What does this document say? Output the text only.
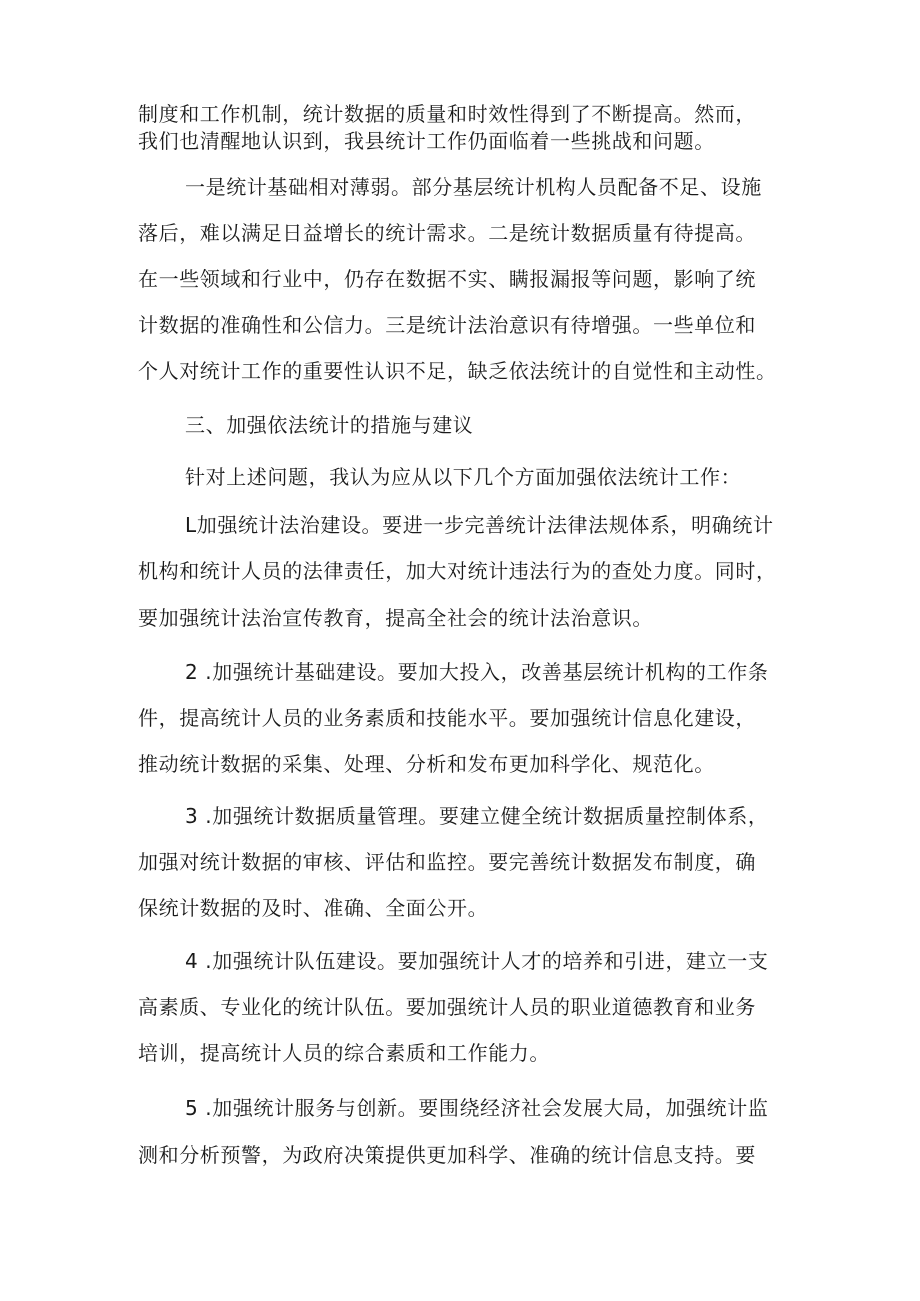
制度和工作机制，统计数据的质量和时效性得到了不断提高。然而，
我们也清醒地认识到，我县统计工作仍面临着一些挑战和问题。
一是统计基础相对薄弱。部分基层统计机构人员配备不足、设施
落后，难以满足日益增长的统计需求。二是统计数据质量有待提高。
在一些领域和行业中，仍存在数据不实、瞒报漏报等问题，影响了统
计数据的准确性和公信力。三是统计法治意识有待增强。一些单位和
个人对统计工作的重要性认识不足，缺乏依法统计的自觉性和主动性。
三、加强依法统计的措施与建议
针对上述问题，我认为应从以下几个方面加强依法统计工作：
L加强统计法治建设。要进一步完善统计法律法规体系，明确统计
机构和统计人员的法律责任，加大对统计违法行为的查处力度。同时，
要加强统计法治宣传教育，提高全社会的统计法治意识。
2 .加强统计基础建设。要加大投入，改善基层统计机构的工作条
件，提高统计人员的业务素质和技能水平。要加强统计信息化建设，
推动统计数据的采集、处理、分析和发布更加科学化、规范化。
3 .加强统计数据质量管理。要建立健全统计数据质量控制体系，
加强对统计数据的审核、评估和监控。要完善统计数据发布制度，确
保统计数据的及时、准确、全面公开。
4 .加强统计队伍建设。要加强统计人才的培养和引进，建立一支
高素质、专业化的统计队伍。要加强统计人员的职业道德教育和业务
培训，提高统计人员的综合素质和工作能力。
5 .加强统计服务与创新。要围绕经济社会发展大局，加强统计监
测和分析预警，为政府决策提供更加科学、准确的统计信息支持。要
